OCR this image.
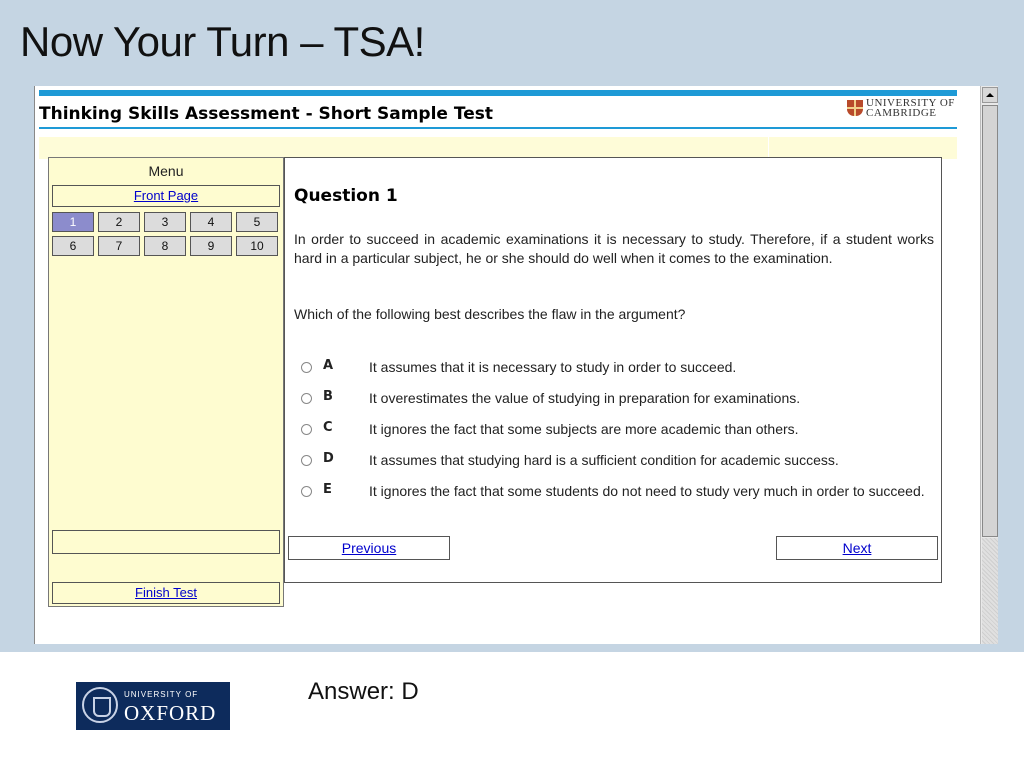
Now Your Turn – TSA!
Thinking Skills Assessment - Short Sample Test
UNIVERSITY OF
CAMBRIDGE
Menu
Front Page
1	2	3	4	5
6	7	8	9	10
Finish Test
Question 1
In order to succeed in academic examinations it is necessary to study. Therefore, if a student works hard in a particular subject, he or she should do well when it comes to the examination.
Which of the following best describes the flaw in the argument?
A	It assumes that it is necessary to study in order to succeed.
B	It overestimates the value of studying in preparation for examinations.
C	It ignores the fact that some subjects are more academic than others.
D	It assumes that studying hard is a sufficient condition for academic success.
E	It ignores the fact that some students do not need to study very much in order to succeed.
Previous	Next
UNIVERSITY OF
OXFORD
Answer: D
